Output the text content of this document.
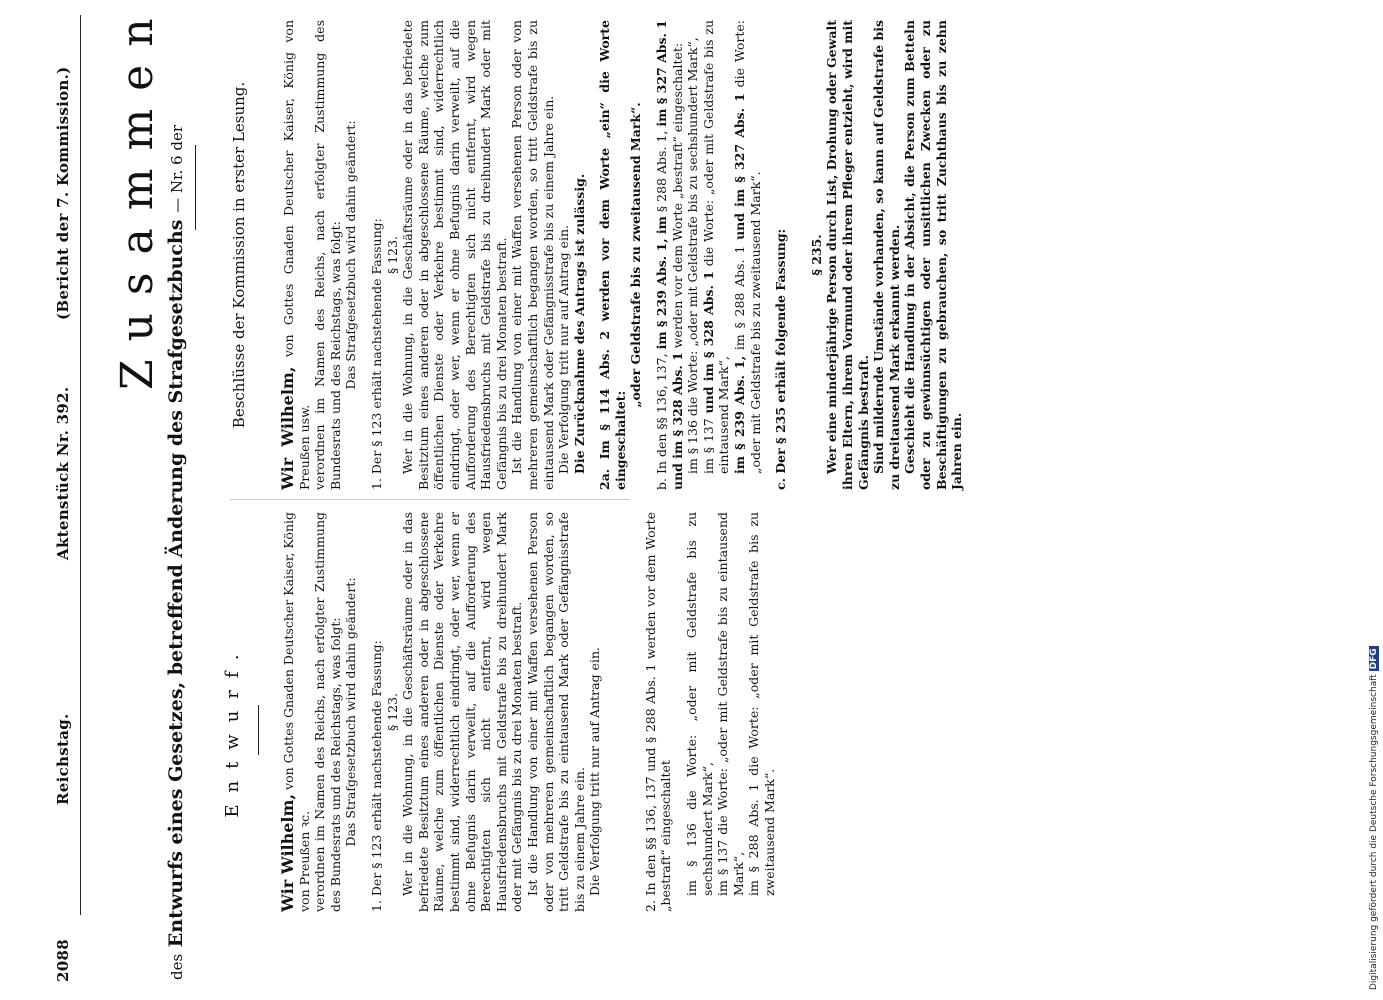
2088
Reichstag.
Aktenstück Nr. 392.
(Bericht der 7. Kommission.) Zusammen
des Entwurfs eines Gesetzes, betreffend Änderung des Strafgesetzbuchs — Nr. 6 der
Entwurf.

Wir Wilhelm, von Gottes Gnaden Deutscher Kaiser, König von Preußen ꝛc. verordnen im Namen des Reichs, nach erfolgter Zustimmung des Bundesrats und des Reichstags, was folgt: Das Strafgesetzbuch wird dahin geändert: 1. Der § 123 erhält nachstehende Fassung: § 123. Wer in die Wohnung, in die Geschäftsräume oder in das befriedete Besitztum eines anderen oder in abgeschlossene Räume, welche zum öffentlichen Dienste oder Verkehre bestimmt sind, widerrechtlich eindringt, oder wer, wenn er ohne Befugnis darin verweilt, auf die Aufforderung des Berechtigten sich nicht entfernt, wird wegen Hausfriedensbruchs mit Geldstrafe bis zu dreihundert Mark oder mit Gefängnis bis zu drei Monaten bestraft. Ist die Handlung von einer mit Waffen versehenen Person oder von mehreren gemeinschaftlich begangen worden, so tritt Geldstrafe bis zu eintausend Mark oder Gefängnisstrafe bis zu einem Jahre ein. Die Verfolgung tritt nur auf Antrag ein.	2. In den §§ 136, 137 und § 288 Abs. 1 werden vor dem Worte „bestraft“ eingeschaltet im § 136 die Worte: „oder mit Geldstrafe bis zu sechshundert Mark“, im § 137 die Worte: „oder mit Geldstrafe bis zu eintausend Mark“, im § 288 Abs. 1 die Worte: „oder mit Geldstrafe bis zu zweitausend Mark“.

Beschlüsse der Kommission in erster Lesung.

Wir Wilhelm, von Gottes Gnaden Deutscher Kaiser, König von Preußen usw. verordnen im Namen des Reichs, nach erfolgter Zustimmung des Bundesrats und des Reichstags, was folgt: Das Strafgesetzbuch wird dahin geändert: 1. Der § 123 erhält nachstehende Fassung: § 123. Wer in die Wohnung, in die Geschäftsräume oder in das befriedete Besitztum eines anderen oder in abgeschlossene Räume, welche zum öffentlichen Dienste oder Verkehre bestimmt sind, widerrechtlich eindringt, oder wer, wenn er ohne Befugnis darin verweilt, auf die Aufforderung des Berechtigten sich nicht entfernt, wird wegen Hausfriedensbruchs mit Geldstrafe bis zu dreihundert Mark oder mit Gefängnis bis zu drei Monaten bestraft. Ist die Handlung von einer mit Waffen versehenen Person oder von mehreren gemeinschaftlich begangen worden, so tritt Geldstrafe bis zu eintausend Mark oder Gefängnisstrafe bis zu einem Jahre ein. Die Verfolgung tritt nur auf Antrag ein. Die Zurücknahme des Antrags ist zulässig.

2a. Im § 114 Abs. 2 werden vor dem Worte „ein“ die Worte eingeschaltet:

„oder Geldstrafe bis zu zweitausend Mark“.

b. In den §§ 136, 137, im § 239 Abs. 1, im § 288 Abs. 1, im § 327 Abs. 1 und im § 328 Abs. 1 werden vor dem Worte „bestraft“ eingeschaltet: im § 136 die Worte: „oder mit Geldstrafe bis zu sechshundert Mark“, im § 137 und im § 328 Abs. 1 die Worte: „oder mit Geldstrafe bis zu eintausend Mark“, im § 239 Abs. 1, im § 288 Abs. 1 und im § 327 Abs. 1 die Worte: „oder mit Geldstrafe bis zu zweitausend Mark“.

c. Der § 235 erhält folgende Fassung: § 235. Wer eine minderjährige Person durch List, Drohung oder Gewalt ihren Eltern, ihrem Vormund oder ihrem Pfleger entzieht, wird mit Gefängnis bestraft. Sind mildernde Umstände vorhanden, so kann auf Geldstrafe bis zu dreitausend Mark erkannt werden. Geschieht die Handlung in der Absicht, die Person zum Betteln oder zu gewinnsüchtigen oder unsittlichen Zwecken oder zu Beschäftigungen zu gebrauchen, so tritt Zuchthaus bis zu zehn Jahren ein.

Digitalisierung gefördert durch die Deutsche Forschungsgemeinschaft DFG
